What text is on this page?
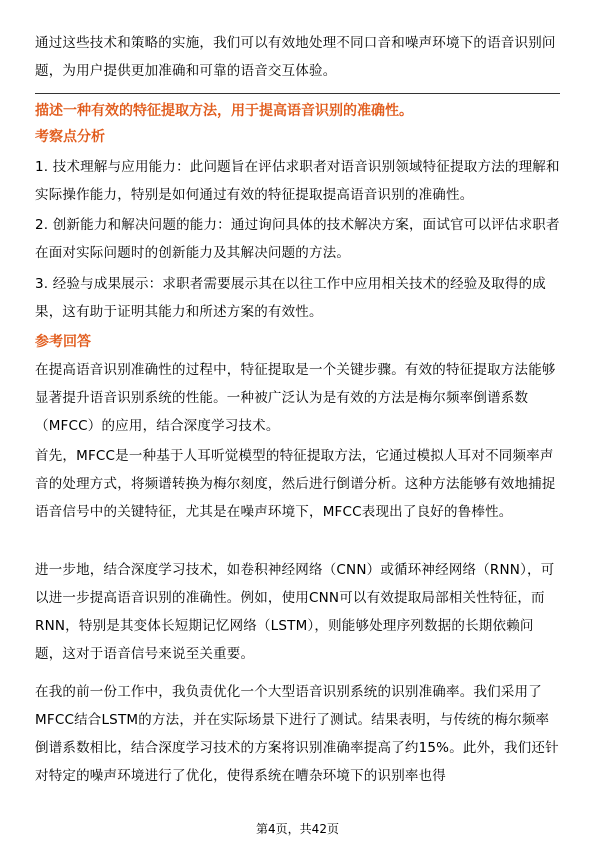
通过这些技术和策略的实施，我们可以有效地处理不同口音和噪声环境下的语音识别问题，为用户提供更加准确和可靠的语音交互体验。

描述一种有效的特征提取方法，用于提高语音识别的准确性。

考察点分析

1. 技术理解与应用能力：此问题旨在评估求职者对语音识别领域特征提取方法的理解和实际操作能力，特别是如何通过有效的特征提取提高语音识别的准确性。

2. 创新能力和解决问题的能力：通过询问具体的技术解决方案，面试官可以评估求职者在面对实际问题时的创新能力及其解决问题的方法。

3. 经验与成果展示：求职者需要展示其在以往工作中应用相关技术的经验及取得的成果，这有助于证明其能力和所述方案的有效性。

参考回答

在提高语音识别准确性的过程中，特征提取是一个关键步骤。有效的特征提取方法能够显著提升语音识别系统的性能。一种被广泛认为是有效的方法是梅尔频率倒谱系数（MFCC）的应用，结合深度学习技术。

首先，MFCC是一种基于人耳听觉模型的特征提取方法，它通过模拟人耳对不同频率声音的处理方式，将频谱转换为梅尔刻度，然后进行倒谱分析。这种方法能够有效地捕捉语音信号中的关键特征，尤其是在噪声环境下，MFCC表现出了良好的鲁棒性。

进一步地，结合深度学习技术，如卷积神经网络（CNN）或循环神经网络（RNN），可以进一步提高语音识别的准确性。例如，使用CNN可以有效提取局部相关性特征，而RNN，特别是其变体长短期记忆网络（LSTM），则能够处理序列数据的长期依赖问题，这对于语音信号来说至关重要。

在我的前一份工作中，我负责优化一个大型语音识别系统的识别准确率。我们采用了MFCC结合LSTM的方法，并在实际场景下进行了测试。结果表明，与传统的梅尔频率倒谱系数相比，结合深度学习技术的方案将识别准确率提高了约15%。此外，我们还针对特定的噪声环境进行了优化，使得系统在嘈杂环境下的识别率也得

第4页，共42页
